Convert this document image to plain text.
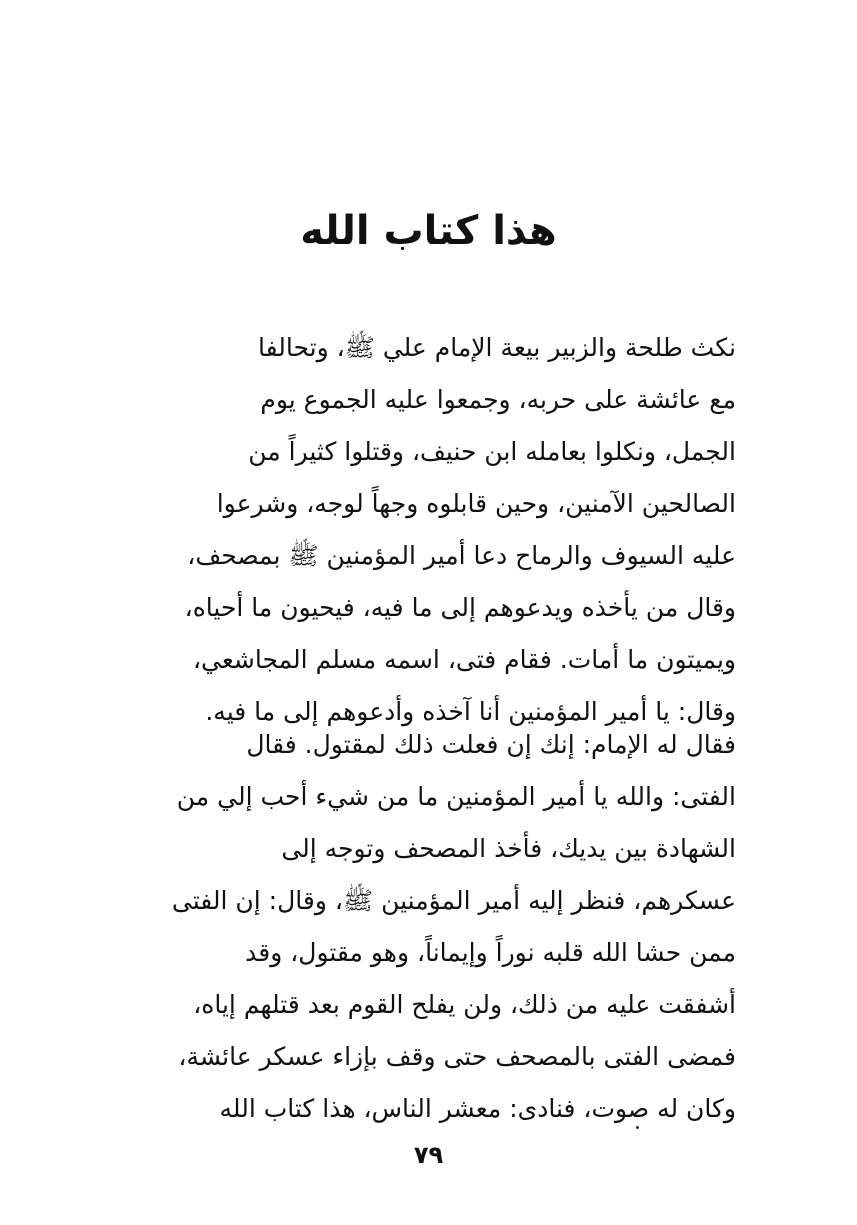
هذا كتاب الله
نكث طلحة والزبير بيعة الإمام علي ﷺ، وتحالفا
مع عائشة على حربه، وجمعوا عليه الجموع يوم
الجمل، ونكلوا بعامله ابن حنيف، وقتلوا كثيراً من
الصالحين الآمنين، وحين قابلوه وجهاً لوجه، وشرعوا
عليه السيوف والرماح دعا أمير المؤمنين ﷺ بمصحف،
وقال من يأخذه ويدعوهم إلى ما فيه، فيحيون ما أحياه،
ويميتون ما أمات. فقام فتى، اسمه مسلم المجاشعي،
وقال: يا أمير المؤمنين أنا آخذه وأدعوهم إلى ما فيه.
فقال له الإمام: إنك إن فعلت ذلك لمقتول. فقال
الفتى: والله يا أمير المؤمنين ما من شيء أحب إلي من
الشهادة بين يديك، فأخذ المصحف وتوجه إلى
عسكرهم، فنظر إليه أمير المؤمنين ﷺ، وقال: إن الفتى
ممن حشا الله قلبه نوراً وإيماناً، وهو مقتول، وقد
أشفقت عليه من ذلك، ولن يفلح القوم بعد قتلهم إياه،
فمضى الفتى بالمصحف حتى وقف بإزاء عسكر عائشة،
وكان له صوت، فنادى: معشر الناس، هذا كتاب الله
٧٩
